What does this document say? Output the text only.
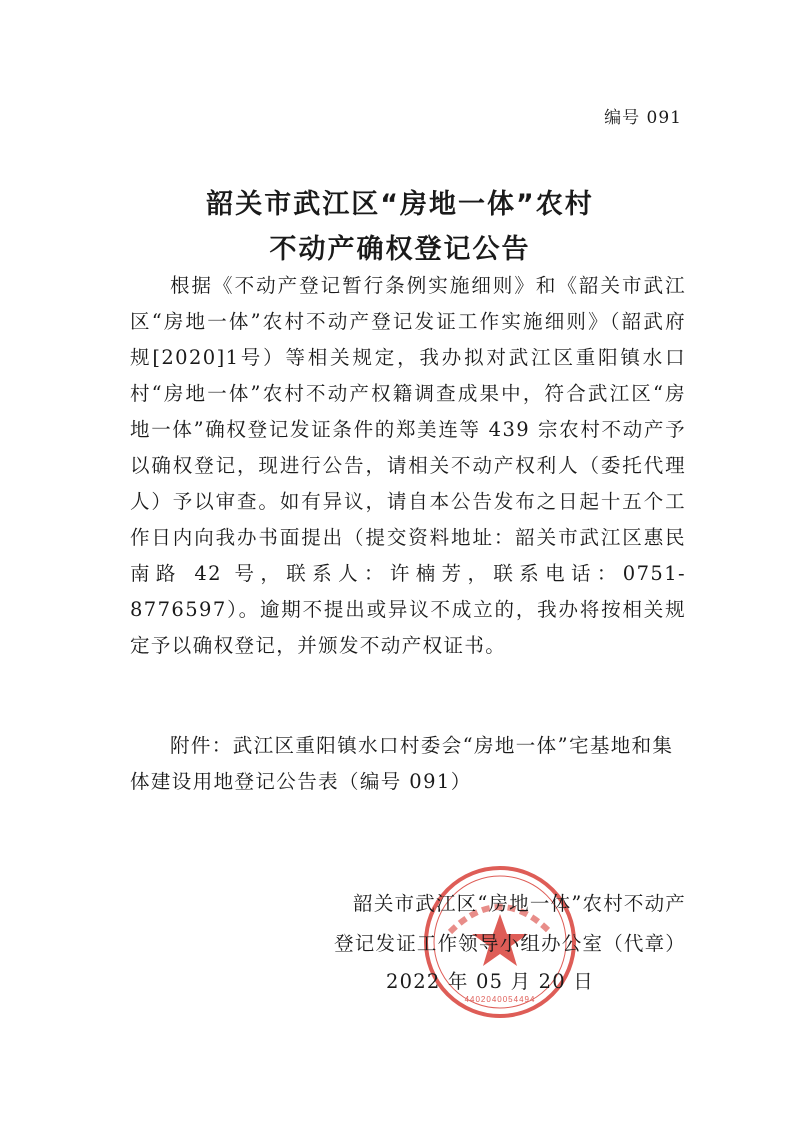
编号 091
韶关市武江区“房地一体”农村
不动产确权登记公告
根据《不动产登记暂行条例实施细则》和《韶关市武江区“房地一体”农村不动产登记发证工作实施细则》（韶武府规[2020]1号）等相关规定，我办拟对武江区重阳镇水口村“房地一体”农村不动产权籍调查成果中，符合武江区“房地一体”确权登记发证条件的郑美连等 439 宗农村不动产予以确权登记，现进行公告，请相关不动产权利人（委托代理人）予以审查。如有异议，请自本公告发布之日起十五个工作日内向我办书面提出（提交资料地址：韶关市武江区惠民南路 42 号，联系人：许楠芳，联系电话：0751-8776597）。逾期不提出或异议不成立的，我办将按相关规定予以确权登记，并颁发不动产权证书。
附件：武江区重阳镇水口村委会“房地一体”宅基地和集体建设用地登记公告表（编号 091）
4402040054494
韶关市武江区“房地一体”农村不动产
登记发证工作领导小组办公室（代章）
2022 年 05 月 20 日
